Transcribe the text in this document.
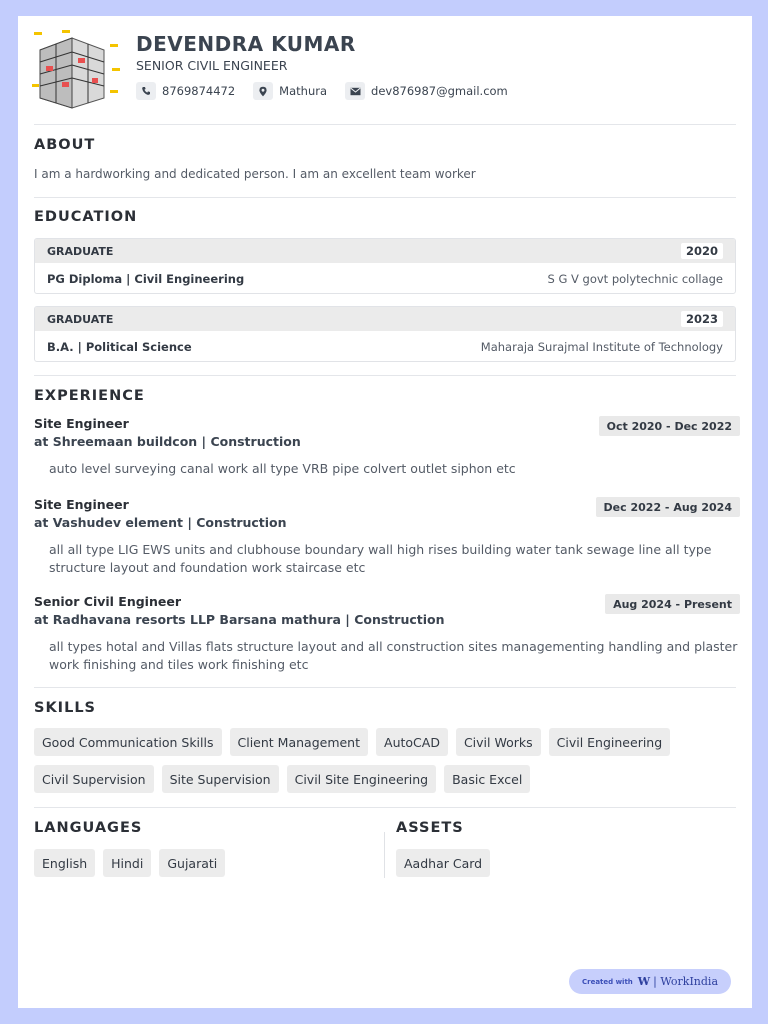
DEVENDRA KUMAR
SENIOR CIVIL ENGINEER
8769874472	Mathura	dev876987@gmail.com
ABOUT
I am a hardworking and dedicated person. I am an excellent team worker
EDUCATION
GRADUATE	2020
PG Diploma | Civil Engineering	S G V govt polytechnic collage
GRADUATE	2023
B.A. | Political Science	Maharaja Surajmal Institute of Technology
EXPERIENCE
Site Engineer
at Shreemaan buildcon | Construction
Oct 2020 - Dec 2022
auto level surveying canal work all type VRB pipe colvert outlet siphon etc
Site Engineer
at Vashudev element | Construction
Dec 2022 - Aug 2024
all all type LIG EWS units and clubhouse boundary wall high rises building water tank sewage line all type structure layout and foundation work staircase etc
Senior Civil Engineer
at Radhavana resorts LLP Barsana mathura | Construction
Aug 2024 - Present
all types hotal and Villas flats structure layout and all construction sites managementing handling and plaster work finishing and tiles work finishing etc
SKILLS
Good Communication Skills	Client Management	AutoCAD	Civil Works	Civil Engineering
Civil Supervision	Site Supervision	Civil Site Engineering	Basic Excel
LANGUAGES
English	Hindi	Gujarati
ASSETS
Aadhar Card
Created with W | WorkIndia
